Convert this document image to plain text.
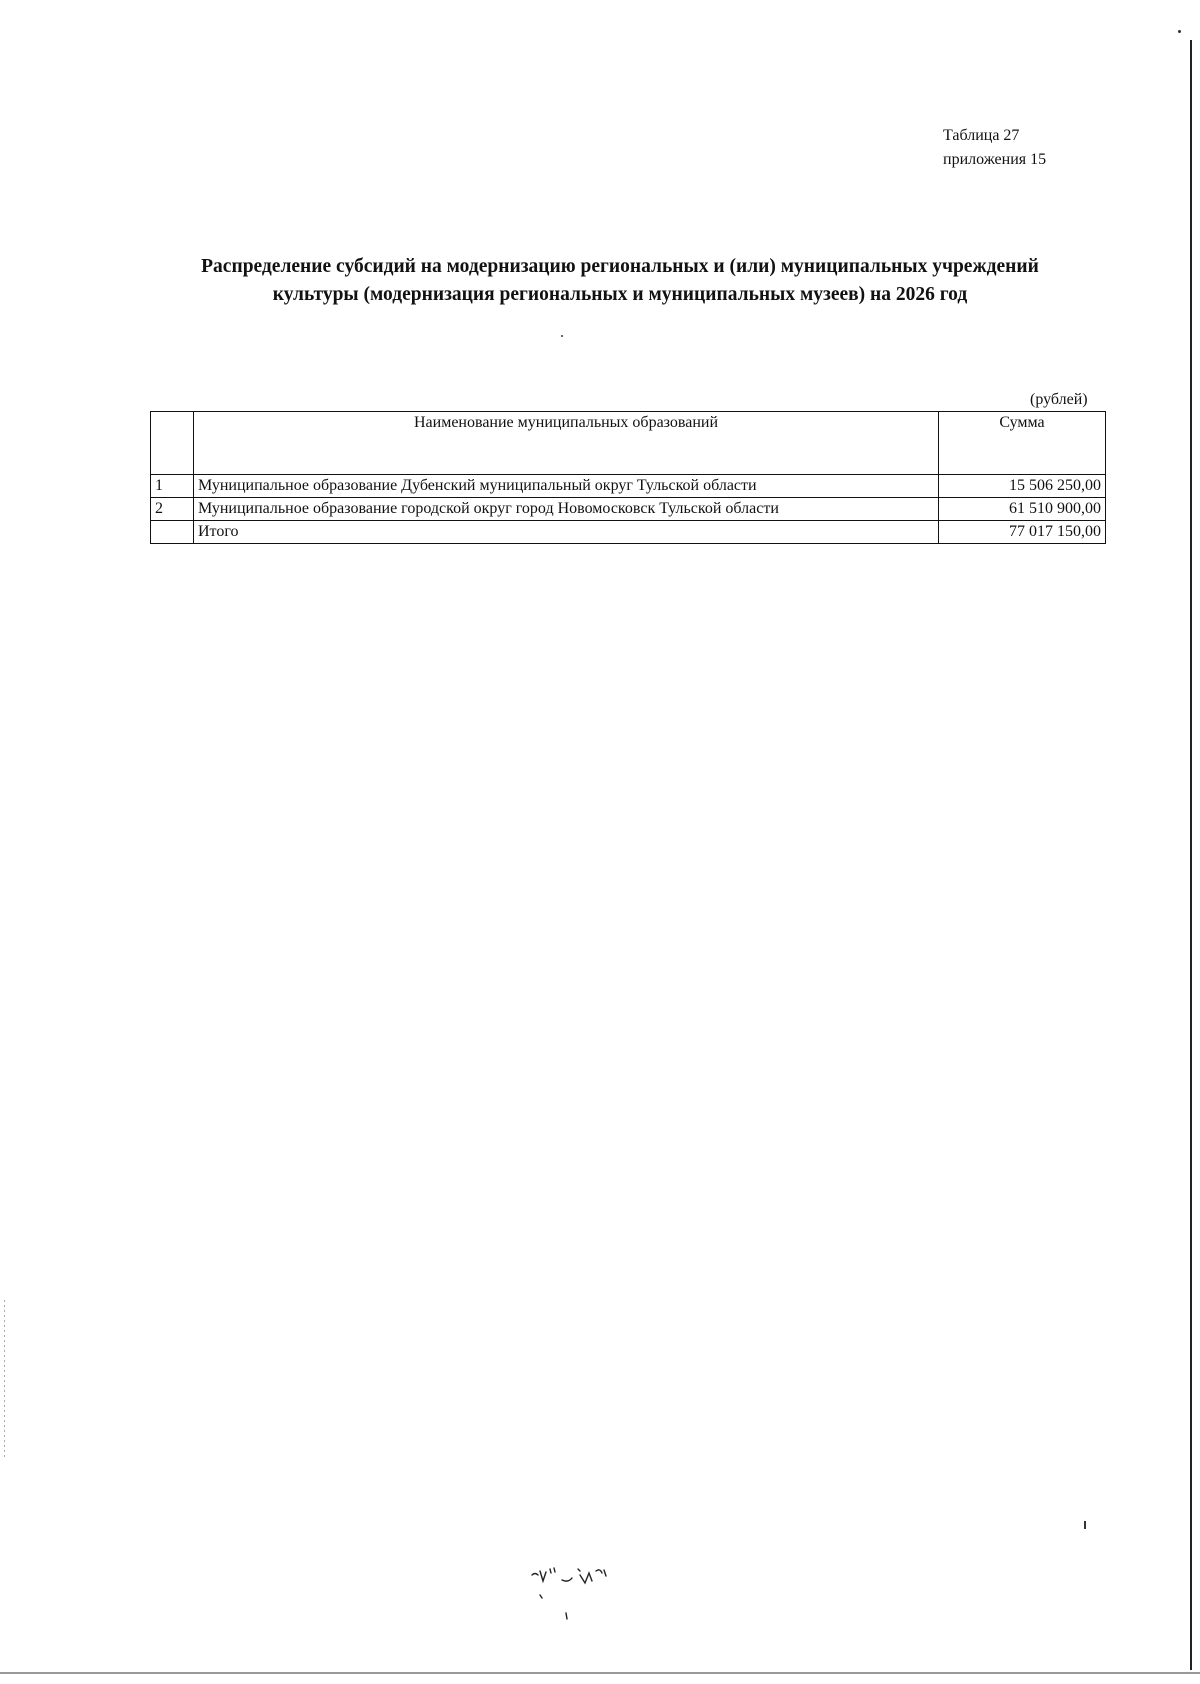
Таблица 27
приложения 15
Распределение субсидий на модернизацию региональных и (или) муниципальных учреждений
культуры (модернизация региональных и муниципальных музеев) на 2026 год
(рублей)
	Наименование муниципальных образований	Сумма
1	Муниципальное образование Дубенский муниципальный округ Тульской области	15 506 250,00
2	Муниципальное образование городской округ город Новомосковск Тульской области	61 510 900,00
	Итого	77 017 150,00
